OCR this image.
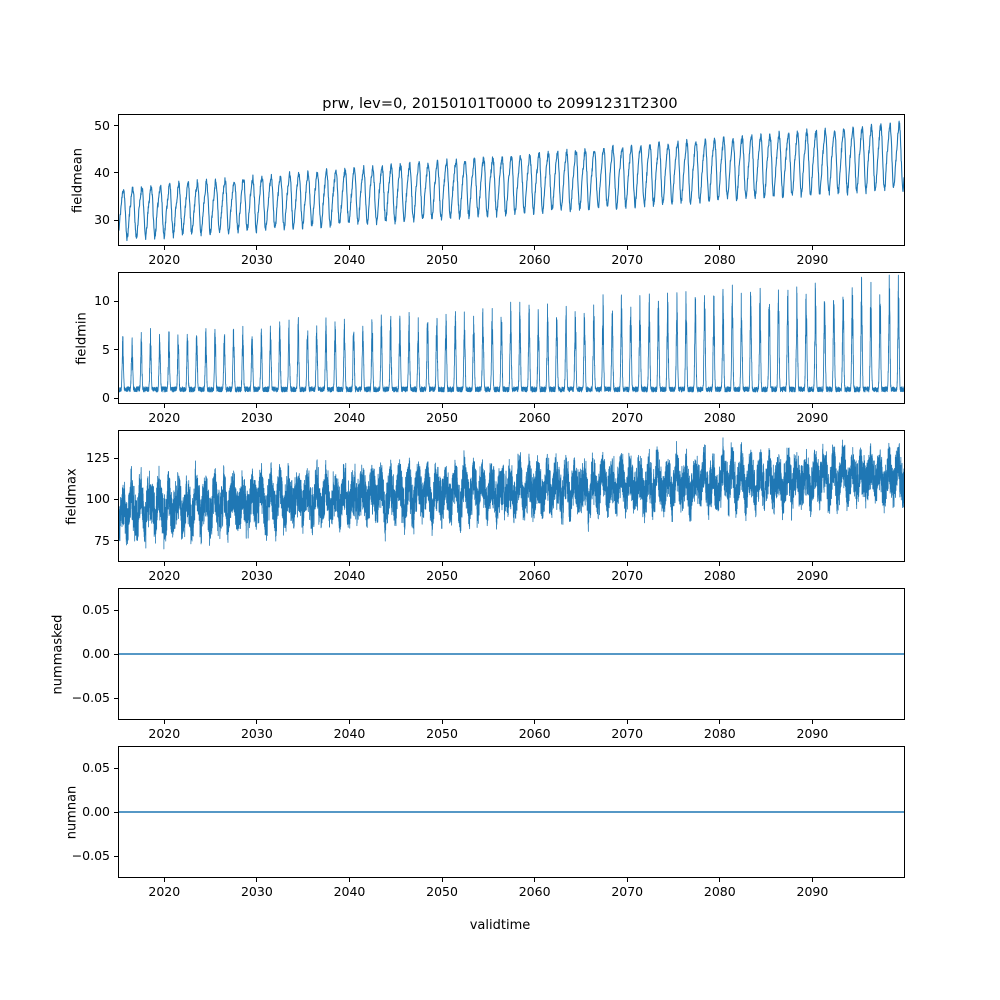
prw, lev=0, 20150101T0000 to 20991231T2300
fieldmean
fieldmin
fieldmax
nummasked
numnan
validtime
30
40
50
2020	2030	2040	2050	2060	2070	2080	2090
0
5
10
2020	2030	2040	2050	2060	2070	2080	2090
75
100
125
2020	2030	2040	2050	2060	2070	2080	2090
−0.05
0.00
0.05
2020	2030	2040	2050	2060	2070	2080	2090
−0.05
0.00
0.05
2020	2030	2040	2050	2060	2070	2080	2090
